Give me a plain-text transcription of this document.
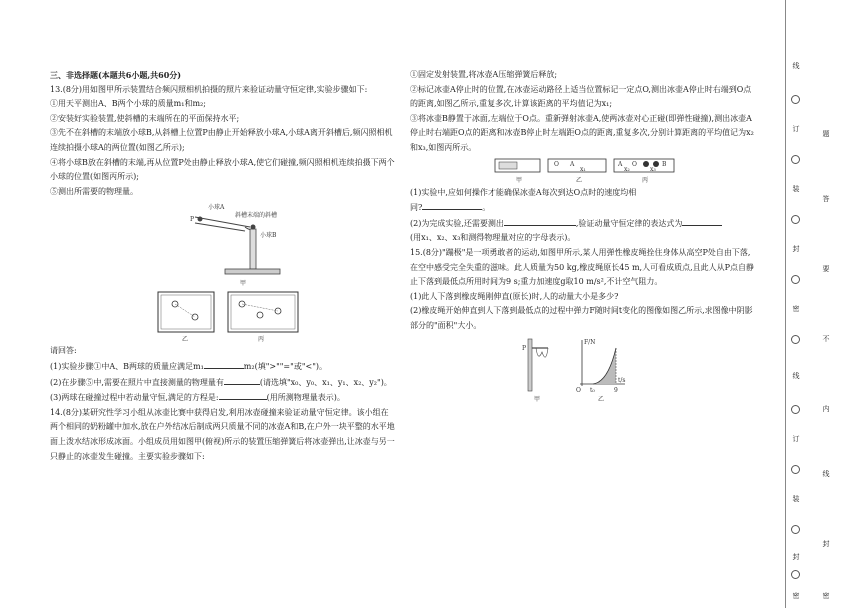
三、非选择题(本题共6小题,共60分)

13.(8分)用如图甲所示装置结合频闪照相机拍摄的照片来验证动量守恒定律,实验步骤如下:

①用天平测出A、B两个小球的质量m₁和m₂;

②安装好实验装置,使斜槽的末端所在的平面保持水平;

③先不在斜槽的末端放小球B,从斜槽上位置P由静止开始释放小球A,小球A离开斜槽后,频闪照相机连续拍摄小球A的两位置(如图乙所示);

④将小球B放在斜槽的末端,再从位置P处由静止释放小球A,使它们碰撞,频闪照相机连续拍摄下两个小球的位置(如图丙所示);

⑤测出所需要的物理量。

小球A
斜槽末端的斜槽
小球B
P
甲
乙	丙

请回答:

(1)实验步骤①中A、B两球的质量应满足m₁	m₂(填">""="或"<")。

(2)在步骤⑤中,需要在照片中直接测量的物理量有	(请选填"x₀、y₀、x₁、y₁、x₂、y₂")。

(3)两球在碰撞过程中若动量守恒,满足的方程是:	(用所测物理量表示)。

14.(8分)某研究性学习小组从冰壶比赛中获得启发,利用冰壶碰撞来验证动量守恒定律。该小组在两个相同的奶粉罐中加水,放在户外结冰后制成两只质量不同的冰壶A和B,在户外一块平整的水平地面上泼水结冰形成冰面。小组成员用如图甲(俯视)所示的装置压缩弹簧后将冰壶弹出,让冰壶与另一只静止的冰壶发生碰撞。主要实验步骤如下:

①固定发射装置,将冰壶A压缩弹簧后释放;

②标记冰壶A停止时的位置,在冰壶运动路径上适当位置标记一定点O,测出冰壶A停止时右端到O点的距离,如图乙所示,重复多次,计算该距离的平均值记为x₁;

③将冰壶B静置于冰面,左端位于O点。重新弹射冰壶A,使两冰壶对心正碰(即弹性碰撞),测出冰壶A停止时右端距O点的距离和冰壶B停止时左端距O点的距离,重复多次,分别计算距离的平均值记为x₂和x₃,如图丙所示。

甲
O A
x₁
乙
A O	B
x₂	x₃
丙

(1)实验中,应如何操作才能确保冰壶A每次到达O点时的速度均相

同?	。

(2)为完成实验,还需要测出	,验证动量守恒定律的表达式为

(用x₁、x₂、x₃和测得物理量对应的字母表示)。

15.(8分)"蹦极"是一项勇敢者的运动,如图甲所示,某人用弹性橡皮绳拴住身体从高空P处自由下落,在空中感受完全失重的滋味。此人质量为50 kg,橡皮绳原长45 m,人可看成质点,且此人从P点自静止下落到最低点所用时间为9 s;重力加速度g取10 m/s²,不计空气阻力。

(1)此人下落到橡皮绳刚伸直(原长)时,人的动量大小是多少?

(2)橡皮绳开始伸直到人下落到最低点的过程中弹力F随时间t变化的图像如图乙所示,求图像中阴影部分的"面积"大小。

P
甲
F/N
t/s
O t₀	9
乙
线
订
题
装
答
封
要
密
不
线
内
订
线
装
封
封
密	密
